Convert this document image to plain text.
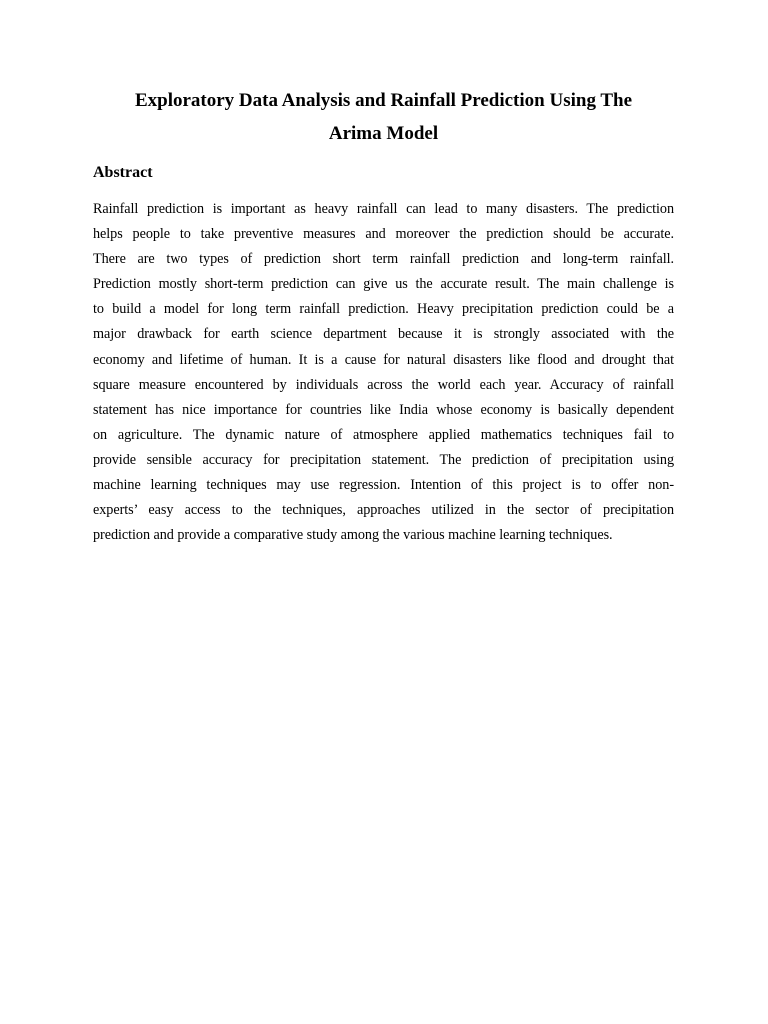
Exploratory Data Analysis and Rainfall Prediction Using The
Arima Model
Abstract
Rainfall prediction is important as heavy rainfall can lead to many disasters. The prediction
helps people to take preventive measures and moreover the prediction should be accurate.
There are two types of prediction short term rainfall prediction and long-term rainfall.
Prediction mostly short-term prediction can give us the accurate result. The main challenge is
to build a model for long term rainfall prediction. Heavy precipitation prediction could be a
major drawback for earth science department because it is strongly associated with the
economy and lifetime of human. It is a cause for natural disasters like flood and drought that
square measure encountered by individuals across the world each year. Accuracy of rainfall
statement has nice importance for countries like India whose economy is basically dependent
on agriculture. The dynamic nature of atmosphere applied mathematics techniques fail to
provide sensible accuracy for precipitation statement. The prediction of precipitation using
machine learning techniques may use regression. Intention of this project is to offer non-
experts’ easy access to the techniques, approaches utilized in the sector of precipitation
prediction and provide a comparative study among the various machine learning techniques.
